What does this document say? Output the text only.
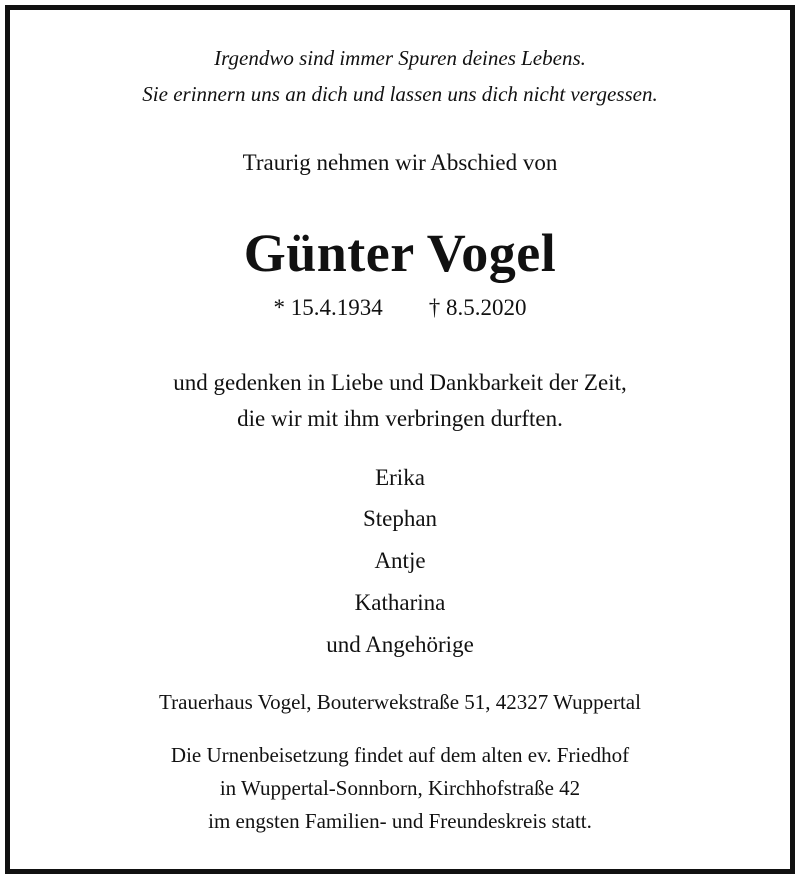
Irgendwo sind immer Spuren deines Lebens.
Sie erinnern uns an dich und lassen uns dich nicht vergessen.
Traurig nehmen wir Abschied von
Günter Vogel
* 15.4.1934 † 8.5.2020
und gedenken in Liebe und Dankbarkeit der Zeit,
die wir mit ihm verbringen durften.
Erika
Stephan
Antje
Katharina
und Angehörige
Trauerhaus Vogel, Bouterwekstraße 51, 42327 Wuppertal
Die Urnenbeisetzung findet auf dem alten ev. Friedhof
in Wuppertal-Sonnborn, Kirchhofstraße 42
im engsten Familien- und Freundeskreis statt.
